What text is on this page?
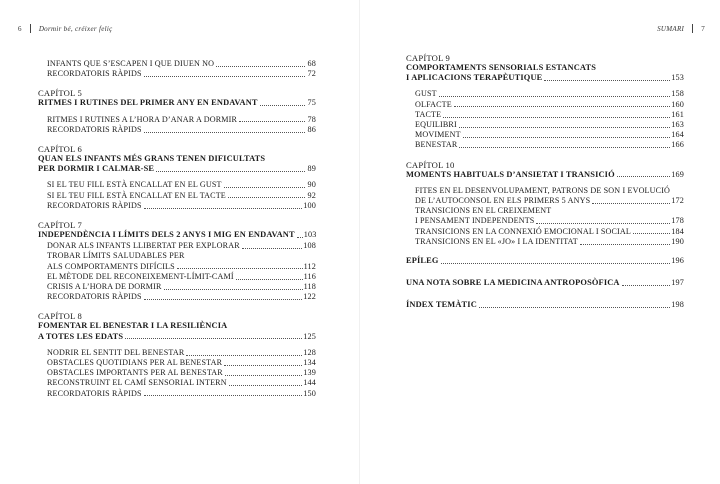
6 Dormir bé, créixer feliç
INFANTS QUE S’ESCAPEN I QUE DIUEN NO	68
RECORDATORIS RÀPIDS	72
CAPÍTOL 5
RITMES I RUTINES DEL PRIMER ANY EN ENDAVANT	75
RITMES I RUTINES A L’HORA D’ANAR A DORMIR	78
RECORDATORIS RÀPIDS	86
CAPÍTOL 6
QUAN ELS INFANTS MÉS GRANS TENEN DIFICULTATS
PER DORMIR I CALMAR-SE	89
SI EL TEU FILL ESTÀ ENCALLAT EN EL GUST	90
SI EL TEU FILL ESTÀ ENCALLAT EN EL TACTE	92
RECORDATORIS RÀPIDS	100
CAPÍTOL 7
INDEPENDÈNCIA I LÍMITS DELS 2 ANYS I MIG EN ENDAVANT 103
DONAR ALS INFANTS LLIBERTAT PER EXPLORAR	108
TROBAR LÍMITS SALUDABLES PER
ALS COMPORTAMENTS DIFÍCILS	112
EL MÈTODE DEL RECONEIXEMENT-LÍMIT-CAMÍ	116
CRISIS A L’HORA DE DORMIR	118
RECORDATORIS RÀPIDS	122
CAPÍTOL 8
FOMENTAR EL BENESTAR I LA RESILIÈNCIA
A TOTES LES EDATS	125
NODRIR EL SENTIT DEL BENESTAR	128
OBSTACLES QUOTIDIANS PER AL BENESTAR	134
OBSTACLES IMPORTANTS PER AL BENESTAR	139
RECONSTRUINT EL CAMÍ SENSORIAL INTERN	144
RECORDATORIS RÀPIDS	150
SUMARI 7
CAPÍTOL 9
COMPORTAMENTS SENSORIALS ESTANCATS
I APLICACIONS TERAPÈUTIQUE	153
GUST	158
OLFACTE	160
TACTE	161
EQUILIBRI	163
MOVIMENT	164
BENESTAR	166
CAPÍTOL 10
MOMENTS HABITUALS D’ANSIETAT I TRANSICIÓ	169
FITES EN EL DESENVOLUPAMENT, PATRONS DE SON I EVOLUCIÓ
DE L’AUTOCONSOL EN ELS PRIMERS 5 ANYS	172
TRANSICIONS EN EL CREIXEMENT
I PENSAMENT INDEPENDENTS	178
TRANSICIONS EN LA CONNEXIÓ EMOCIONAL I SOCIAL	184
TRANSICIONS EN EL «JO» I LA IDENTITAT	190
EPÍLEG	196
UNA NOTA SOBRE LA MEDICINA ANTROPOSÒFICA	197
ÍNDEX TEMÀTIC	198
